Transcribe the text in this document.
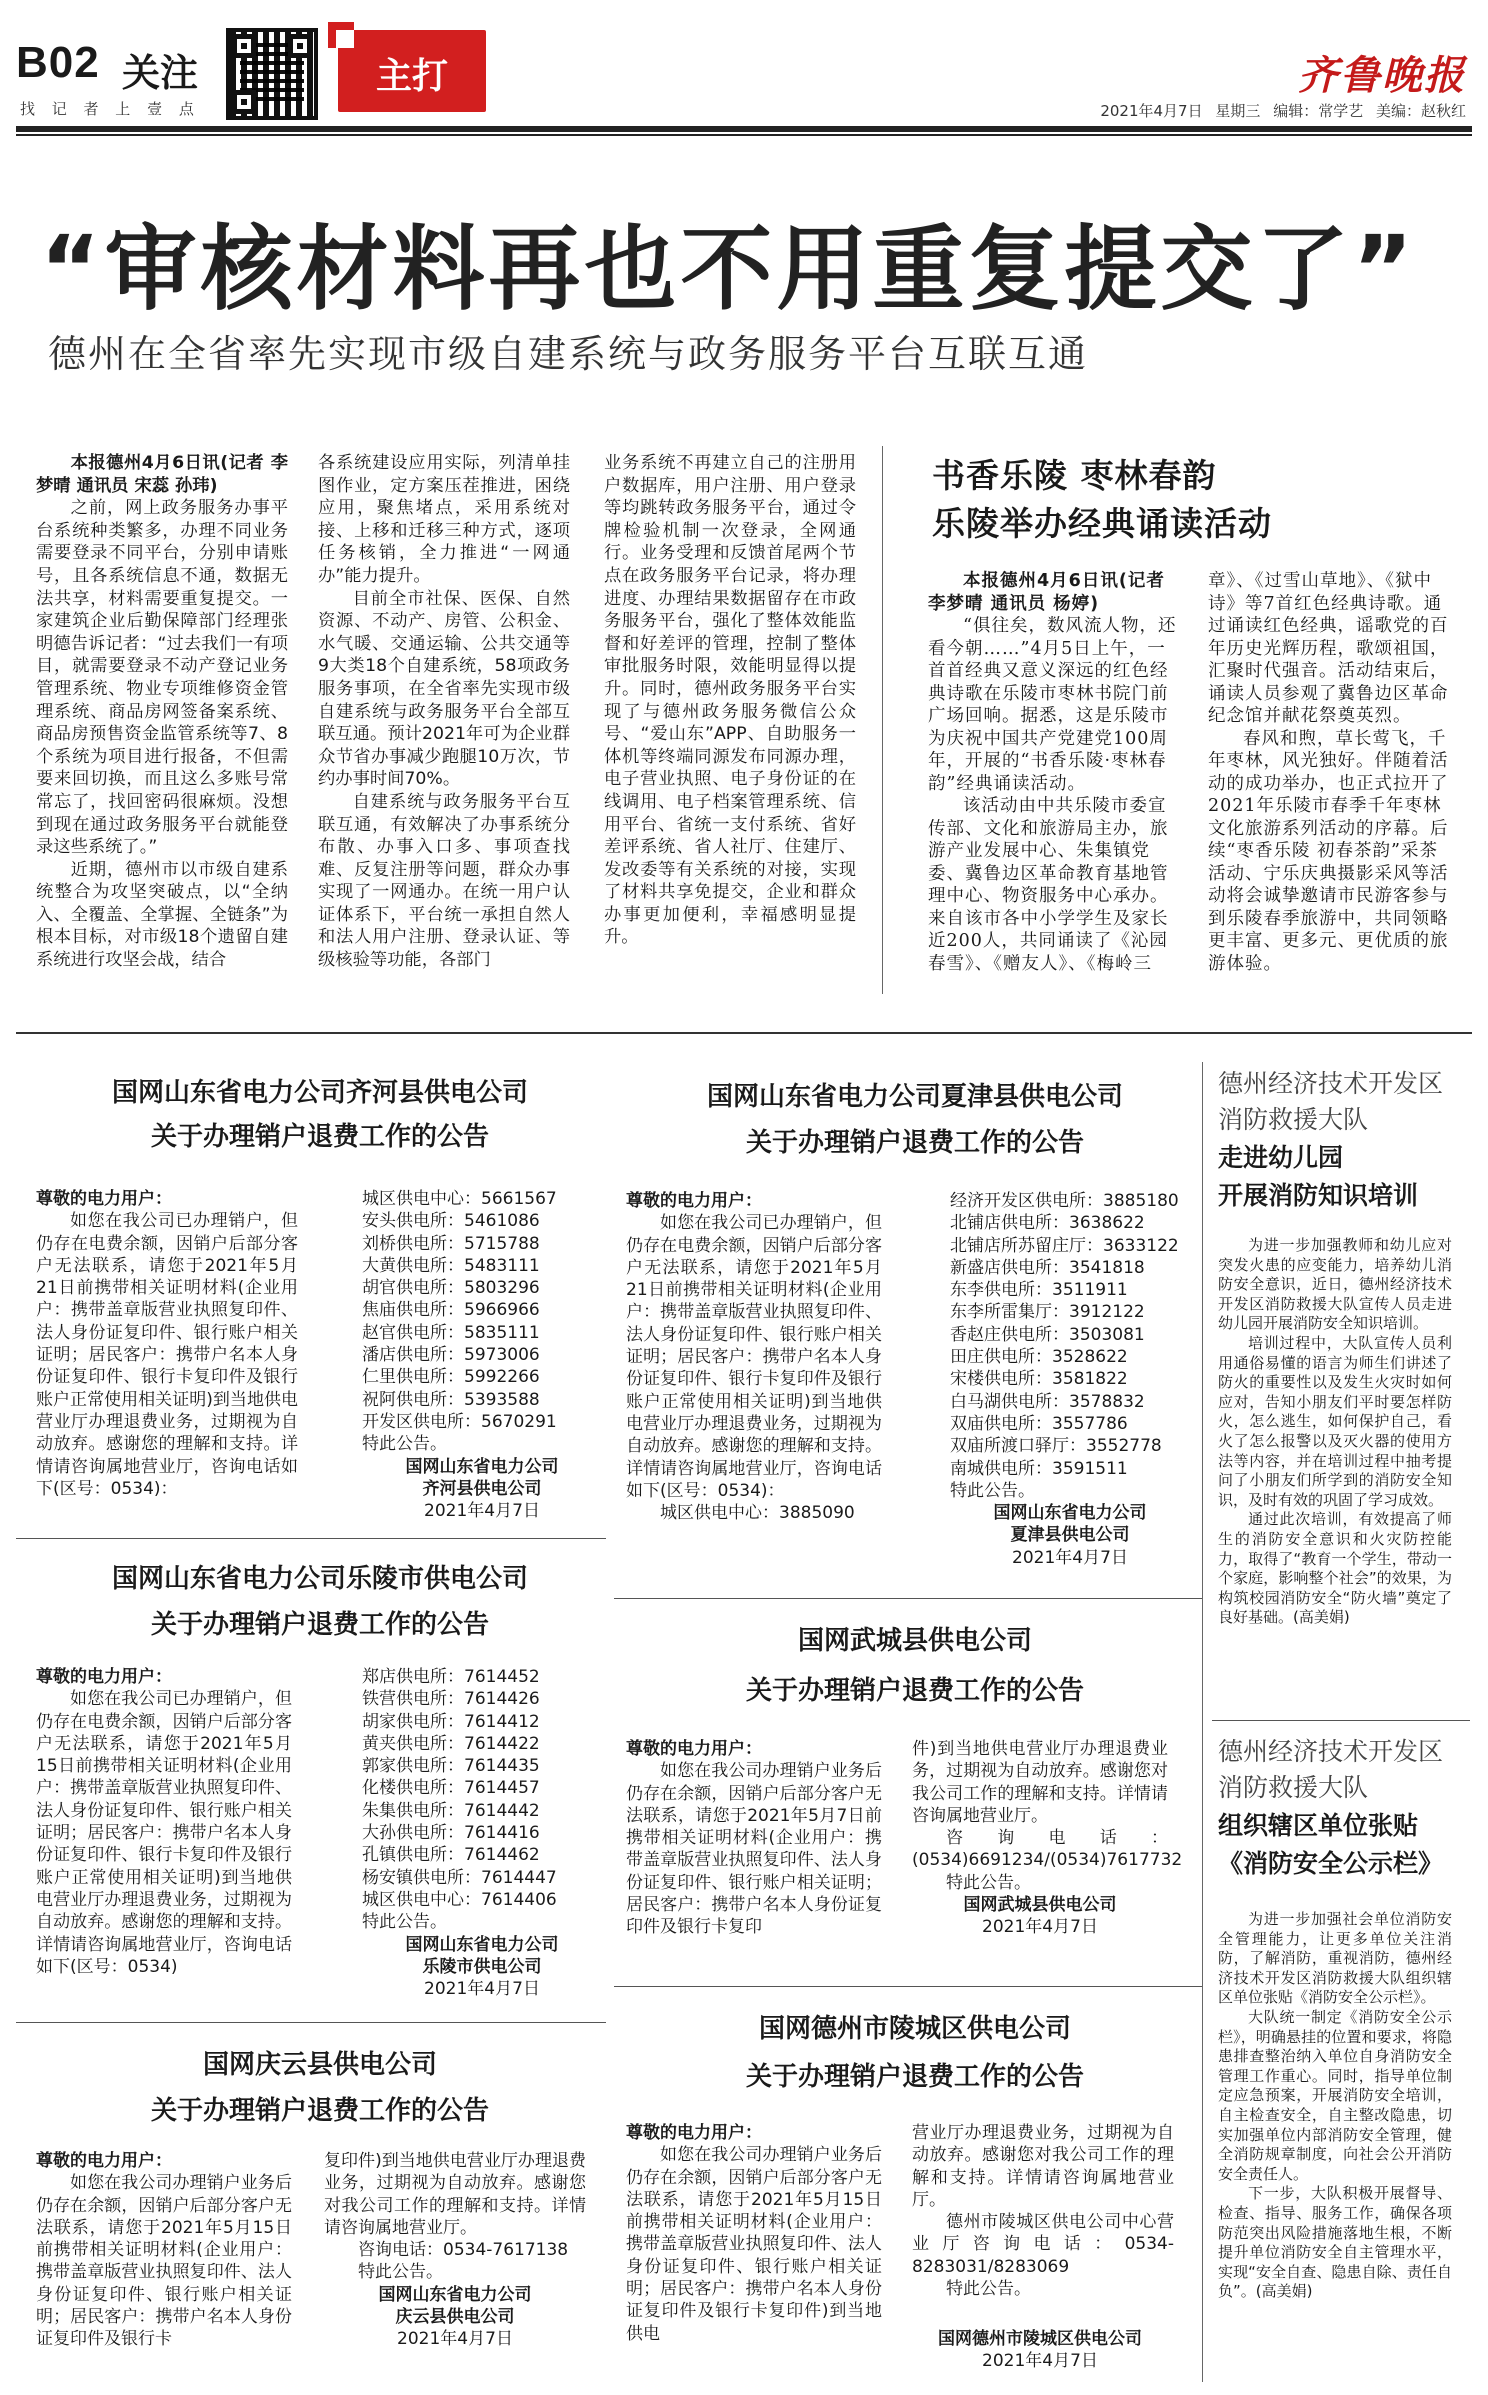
B02 关注
找 记 者 上 壹 点
主打	齐鲁晚报
2021年4月7日 星期三 编辑：常学艺 美编：赵秋红
“审核材料再也不用重复提交了”
德州在全省率先实现市级自建系统与政务服务平台互联互通

本报德州4月6日讯(记者 李梦晴 通讯员 宋蕊 孙玮)

之前，网上政务服务办事平台系统种类繁多，办理不同业务需要登录不同平台，分别申请账号，且各系统信息不通，数据无法共享，材料需要重复提交。一家建筑企业后勤保障部门经理张明德告诉记者：“过去我们一有项目，就需要登录不动产登记业务管理系统、物业专项维修资金管理系统、商品房网签备案系统、商品房预售资金监管系统等7、8个系统为项目进行报备，不但需要来回切换，而且这么多账号常常忘了，找回密码很麻烦。没想到现在通过政务服务平台就能登录这些系统了。”

近期，德州市以市级自建系统整合为攻坚突破点，以“全纳入、全覆盖、全掌握、全链条”为根本目标，对市级18个遗留自建系统进行攻坚会战，结合

各系统建设应用实际，列清单挂图作业，定方案压茬推进，困绕应用，聚焦堵点，采用系统对接、上移和迁移三种方式，逐项任务核销，全力推进“一网通办”能力提升。

目前全市社保、医保、自然资源、不动产、房管、公积金、水气暖、交通运输、公共交通等9大类18个自建系统，58项政务服务事项，在全省率先实现市级自建系统与政务服务平台全部互联互通。预计2021年可为企业群众节省办事减少跑腿10万次，节约办事时间70%。

自建系统与政务服务平台互联互通，有效解决了办事系统分布散、办事入口多、事项查找难、反复注册等问题，群众办事实现了一网通办。在统一用户认证体系下，平台统一承担自然人和法人用户注册、登录认证、等级核验等功能，各部门

业务系统不再建立自己的注册用户数据库，用户注册、用户登录等均跳转政务服务平台，通过令牌检验机制一次登录，全网通行。业务受理和反馈首尾两个节点在政务服务平台记录，将办理进度、办理结果数据留存在市政务服务平台，强化了整体效能监督和好差评的管理，控制了整体审批服务时限，效能明显得以提升。同时，德州政务服务平台实现了与德州政务服务微信公众号、“爱山东”APP、自助服务一体机等终端同源发布同源办理，电子营业执照、电子身份证的在线调用、电子档案管理系统、信用平台、省统一支付系统、省好差评系统、省人社厅、住建厅、发改委等有关系统的对接，实现了材料共享免提交，企业和群众办事更加便利，幸福感明显提升。
书香乐陵 枣林春韵
乐陵举办经典诵读活动
本报德州4月6日讯(记者 李梦晴 通讯员 杨婷)
“俱往矣，数风流人物，还看今朝……”4月5日上午，一首首经典又意义深远的红色经典诗歌在乐陵市枣林书院门前广场回响。据悉，这是乐陵市为庆祝中国共产党建党100周年，开展的“书香乐陵·枣林春韵”经典诵读活动。
该活动由中共乐陵市委宣传部、文化和旅游局主办，旅游产业发展中心、朱集镇党委、冀鲁边区革命教育基地管理中心、物资服务中心承办。来自该市各中小学学生及家长近200人，共同诵读了《沁园春雪》、《赠友人》、《梅岭三
章》、《过雪山草地》、《狱中诗》等7首红色经典诗歌。通过诵读红色经典，谣歌党的百年历史光辉历程，歌颂祖国，汇聚时代强音。活动结束后，诵读人员参观了冀鲁边区革命纪念馆并献花祭奠英烈。
春风和煦，草长莺飞，千年枣林，风光独好。伴随着活动的成功举办，也正式拉开了2021年乐陵市春季千年枣林文化旅游系列活动的序幕。后续“枣香乐陵 初春茶韵”采茶活动、宁乐庆典摄影采风等活动将会诚挚邀请市民游客参与到乐陵春季旅游中，共同领略更丰富、更多元、更优质的旅游体验。
国网山东省电力公司齐河县供电公司
关于办理销户退费工作的公告
尊敬的电力用户：

如您在我公司已办理销户，但仍存在电费余额，因销户后部分客户无法联系，请您于2021年5月21日前携带相关证明材料(企业用户：携带盖章版营业执照复印件、法人身份证复印件、银行账户相关证明；居民客户：携带户名本人身份证复印件、银行卡复印件及银行账户正常使用相关证明)到当地供电营业厅办理退费业务，过期视为自动放弃。感谢您的理解和支持。详情请咨询属地营业厅，咨询电话如下(区号：0534)：

城区供电中心：5661567
安头供电所：5461086
刘桥供电所：5715788
大黄供电所：5483111
胡官供电所：5803296
焦庙供电所：5966966
赵官供电所：5835111
潘店供电所：5973006
仁里供电所：5992266
祝阿供电所：5393588
开发区供电所：5670291
特此公告。
国网山东省电力公司
齐河县供电公司
2021年4月7日
国网山东省电力公司夏津县供电公司
关于办理销户退费工作的公告
尊敬的电力用户：

如您在我公司已办理销户，但仍存在电费余额，因销户后部分客户无法联系，请您于2021年5月21日前携带相关证明材料(企业用户：携带盖章版营业执照复印件、法人身份证复印件、银行账户相关证明；居民客户：携带户名本人身份证复印件、银行卡复印件及银行账户正常使用相关证明)到当地供电营业厅办理退费业务，过期视为自动放弃。感谢您的理解和支持。详情请咨询属地营业厅，咨询电话如下(区号：0534)：

城区供电中心：3885090

经济开发区供电所：3885180
北铺店供电所：3638622
北铺店所苏留庄厅：3633122
新盛店供电所：3541818
东李供电所：3511911
东李所雷集厅：3912122
香赵庄供电所：3503081
田庄供电所：3528622
宋楼供电所：3581822
白马湖供电所：3578832
双庙供电所：3557786
双庙所渡口驿厅：3552778
南城供电所：3591511
特此公告。
国网山东省电力公司
夏津县供电公司
2021年4月7日
国网山东省电力公司乐陵市供电公司
关于办理销户退费工作的公告
尊敬的电力用户：

如您在我公司已办理销户，但仍存在电费余额，因销户后部分客户无法联系，请您于2021年5月15日前携带相关证明材料(企业用户：携带盖章版营业执照复印件、法人身份证复印件、银行账户相关证明；居民客户：携带户名本人身份证复印件、银行卡复印件及银行账户正常使用相关证明)到当地供电营业厅办理退费业务，过期视为自动放弃。感谢您的理解和支持。详情请咨询属地营业厅，咨询电话如下(区号：0534)

郑店供电所：7614452
铁营供电所：7614426
胡家供电所：7614412
黄夹供电所：7614422
郭家供电所：7614435
化楼供电所：7614457
朱集供电所：7614442
大孙供电所：7614416
孔镇供电所：7614462
杨安镇供电所：7614447
城区供电中心：7614406
特此公告。
国网山东省电力公司
乐陵市供电公司
2021年4月7日
国网武城县供电公司
关于办理销户退费工作的公告
尊敬的电力用户：

如您在我公司办理销户业务后仍存在余额，因销户后部分客户无法联系，请您于2021年5月7日前携带相关证明材料(企业用户：携带盖章版营业执照复印件、法人身份证复印件、银行账户相关证明；居民客户：携带户名本人身份证复印件及银行卡复印

件)到当地供电营业厅办理退费业务，过期视为自动放弃。感谢您对我公司工作的理解和支持。详情请咨询属地营业厅。

咨询电话：(0534)6691234/(0534)7617732

特此公告。

国网武城县供电公司
2021年4月7日
国网庆云县供电公司
关于办理销户退费工作的公告
尊敬的电力用户：

如您在我公司办理销户业务后仍存在余额，因销户后部分客户无法联系，请您于2021年5月15日前携带相关证明材料(企业用户：携带盖章版营业执照复印件、法人身份证复印件、银行账户相关证明；居民客户：携带户名本人身份证复印件及银行卡

复印件)到当地供电营业厅办理退费业务，过期视为自动放弃。感谢您对我公司工作的理解和支持。详情请咨询属地营业厅。

咨询电话：0534-7617138

特此公告。

国网山东省电力公司
庆云县供电公司
2021年4月7日
国网德州市陵城区供电公司
关于办理销户退费工作的公告
尊敬的电力用户：

如您在我公司办理销户业务后仍存在余额，因销户后部分客户无法联系，请您于2021年5月15日前携带相关证明材料(企业用户：携带盖章版营业执照复印件、法人身份证复印件、银行账户相关证明；居民客户：携带户名本人身份证复印件及银行卡复印件)到当地供电

营业厅办理退费业务，过期视为自动放弃。感谢您对我公司工作的理解和支持。详情请咨询属地营业厅。

德州市陵城区供电公司中心营业厅咨询电话：0534-8283031/8283069

特此公告。

国网德州市陵城区供电公司
2021年4月7日
德州经济技术开发区
消防救援大队
走进幼儿园
开展消防知识培训

为进一步加强教师和幼儿应对突发火患的应变能力，培养幼儿消防安全意识，近日，德州经济技术开发区消防救援大队宣传人员走进幼儿园开展消防安全知识培训。

培训过程中，大队宣传人员利用通俗易懂的语言为师生们讲述了防火的重要性以及发生火灾时如何应对，告知小朋友们平时要怎样防火，怎么逃生，如何保护自己，看火了怎么报警以及灭火器的使用方法等内容，并在培训过程中抽考提问了小朋友们所学到的消防安全知识，及时有效的巩固了学习成效。

通过此次培训，有效提高了师生的消防安全意识和火灾防控能力，取得了“教育一个学生，带动一个家庭，影响整个社会”的效果，为构筑校园消防安全“防火墙”奠定了良好基础。(高美娟)

德州经济技术开发区
消防救援大队
组织辖区单位张贴
《消防安全公示栏》

为进一步加强社会单位消防安全管理能力，让更多单位关注消防，了解消防，重视消防，德州经济技术开发区消防救援大队组织辖区单位张贴《消防安全公示栏》。

大队统一制定《消防安全公示栏》，明确悬挂的位置和要求，将隐患排查整治纳入单位自身消防安全管理工作重心。同时，指导单位制定应急预案，开展消防安全培训，自主检查安全，自主整改隐患，切实加强单位内部消防安全管理，健全消防规章制度，向社会公开消防安全责任人。

下一步，大队积极开展督导、检查、指导、服务工作，确保各项防范突出风险措施落地生根，不断提升单位消防安全自主管理水平，实现“安全自查、隐患自除、责任自负”。(高美娟)
